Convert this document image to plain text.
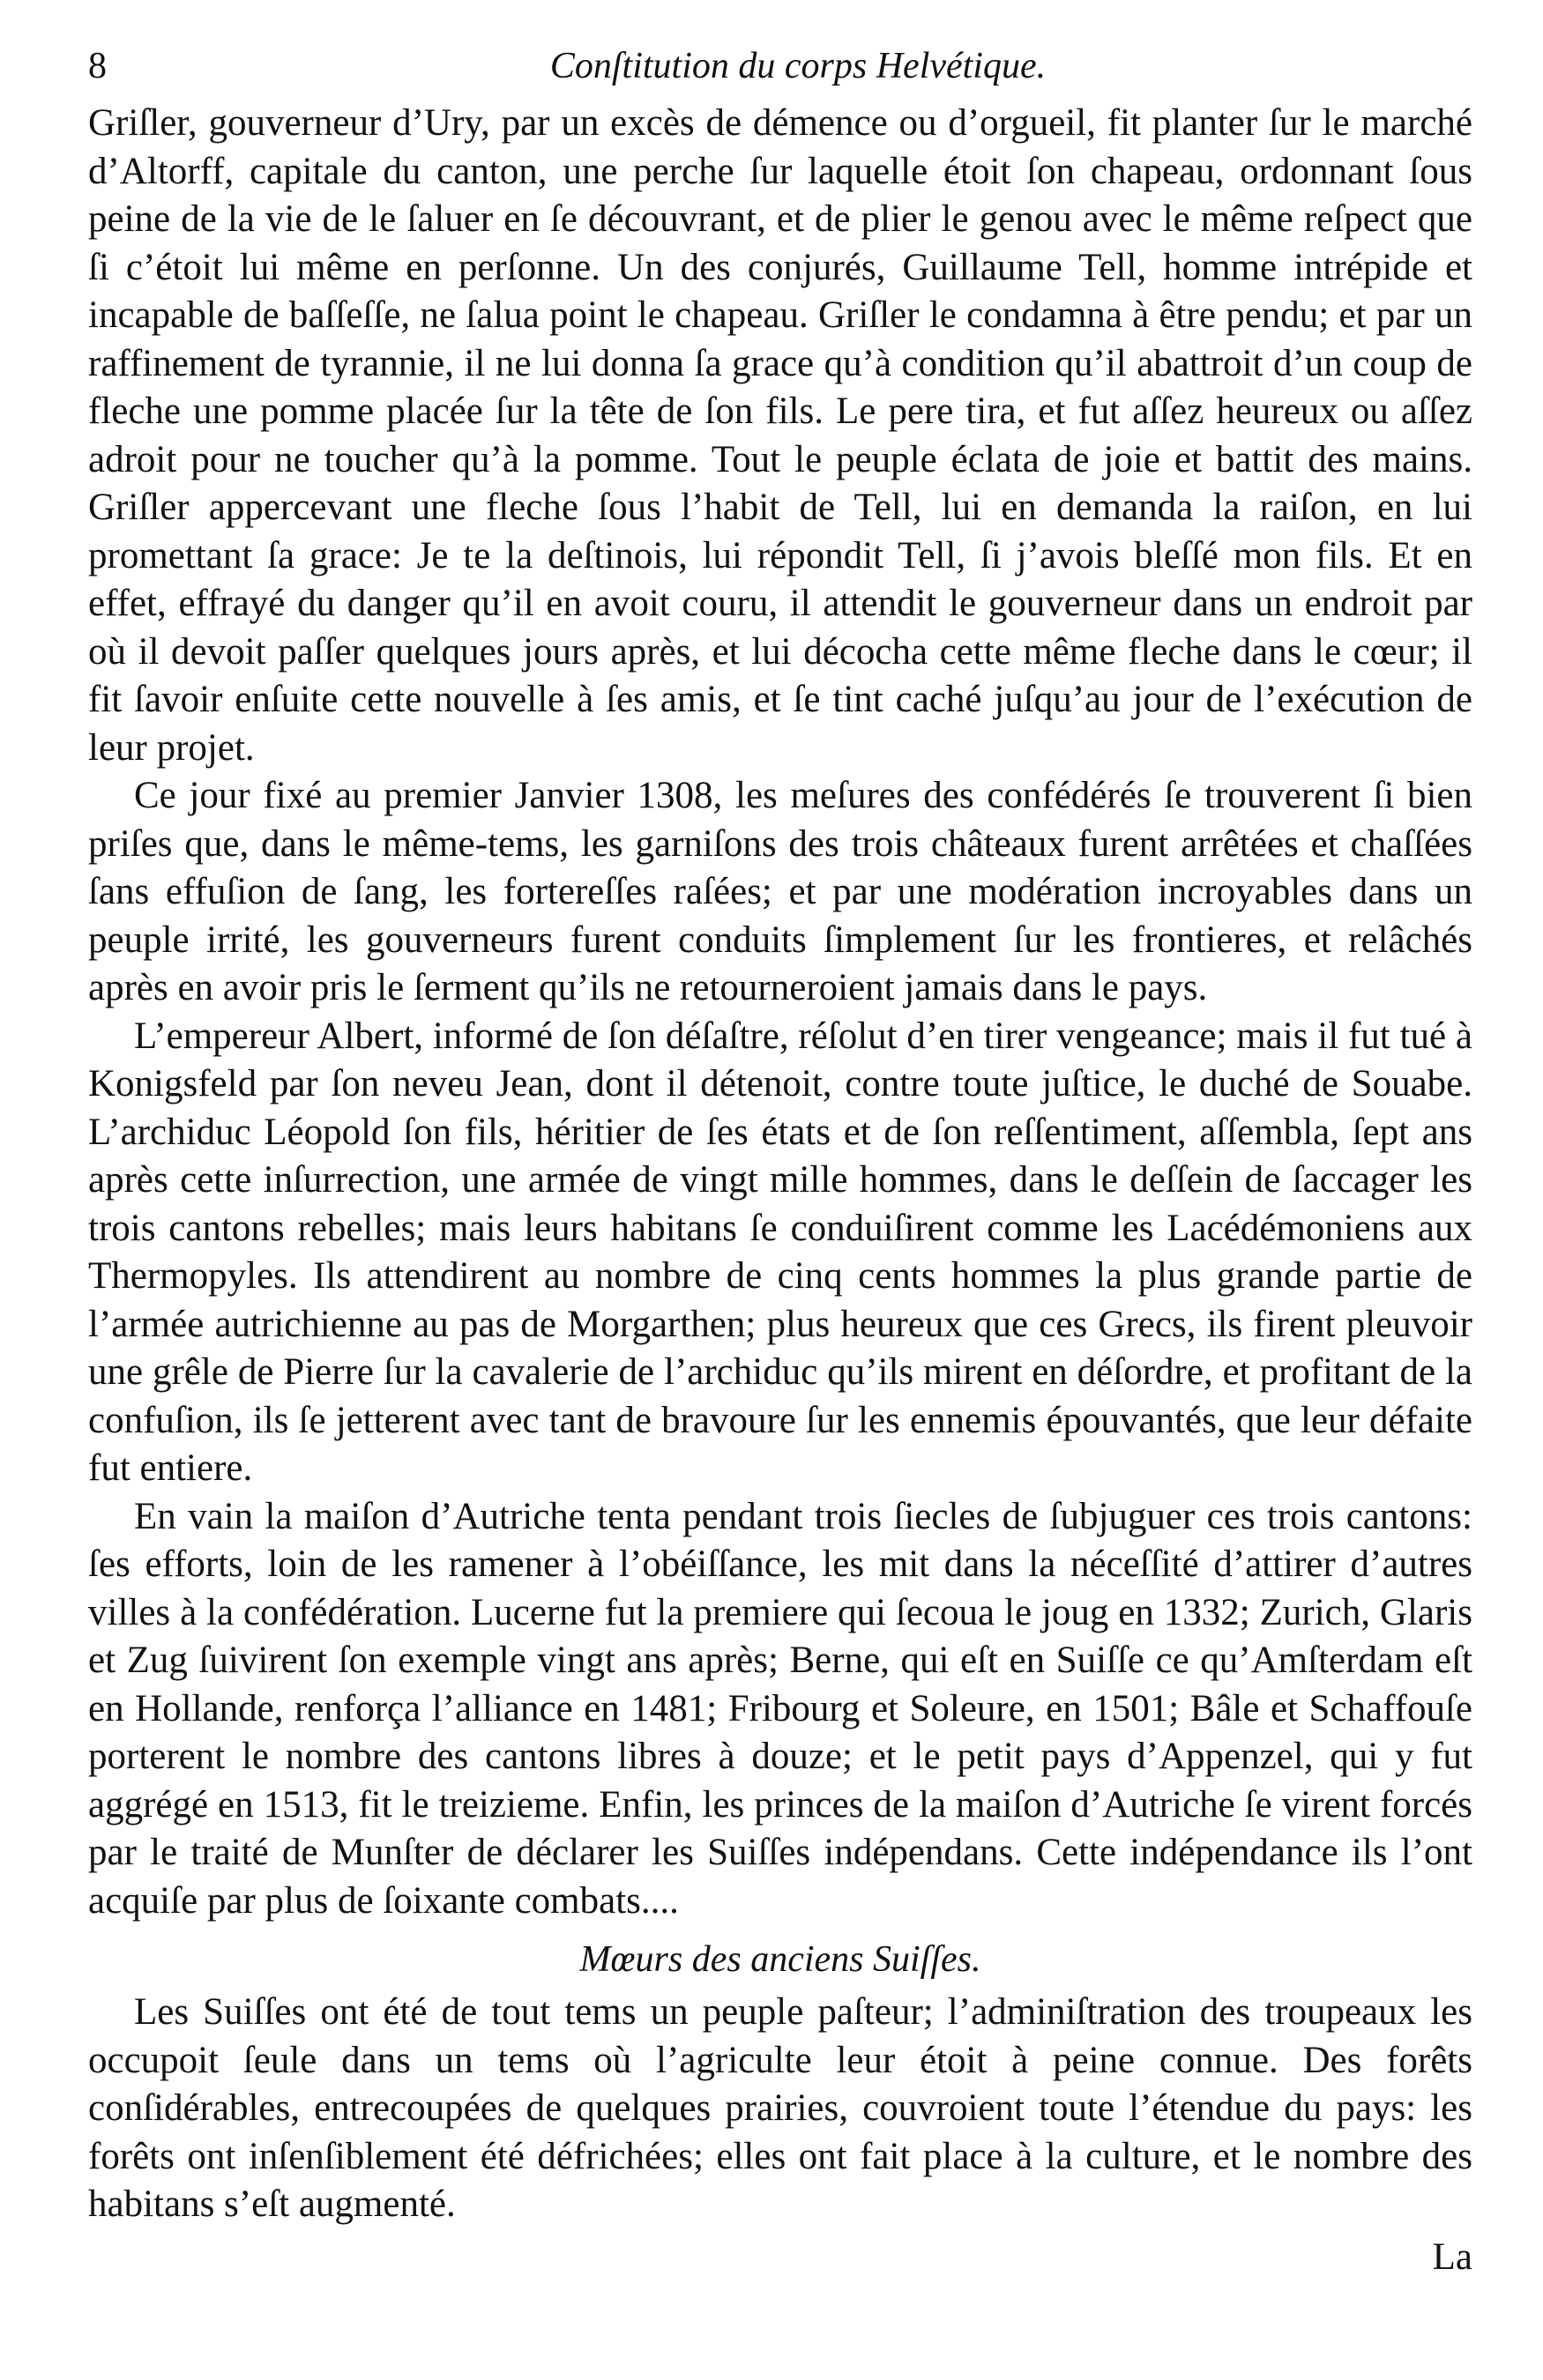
8	Conſtitution du corps Helvétique.

Griſler, gouverneur d’Ury, par un excès de démence ou d’orgueil, fit planter ſur le marché d’Altorff, capitale du canton, une perche ſur laquelle étoit ſon chapeau, ordonnant ſous peine de la vie de le ſaluer en ſe découvrant, et de plier le genou avec le même reſpect que ſi c’étoit lui même en perſonne. Un des conjurés, Guillaume Tell, homme intrépide et incapable de baſſeſſe, ne ſalua point le chapeau. Griſler le condamna à être pendu; et par un raffinement de tyrannie, il ne lui donna ſa grace qu’à condition qu’il abattroit d’un coup de fleche une pomme placée ſur la tête de ſon fils. Le pere tira, et fut aſſez heureux ou aſſez adroit pour ne toucher qu’à la pomme. Tout le peuple éclata de joie et battit des mains. Griſler appercevant une fleche ſous l’habit de Tell, lui en demanda la raiſon, en lui promettant ſa grace: Je te la deſtinois, lui répondit Tell, ſi j’avois bleſſé mon fils. Et en effet, effrayé du danger qu’il en avoit couru, il attendit le gouverneur dans un endroit par où il devoit paſſer quelques jours après, et lui décocha cette même fleche dans le cœur; il fit ſavoir enſuite cette nouvelle à ſes amis, et ſe tint caché juſqu’au jour de l’exécution de leur projet.

Ce jour fixé au premier Janvier 1308, les meſures des confédérés ſe trouverent ſi bien priſes que, dans le même-tems, les garniſons des trois châteaux furent arrêtées et chaſſées ſans effuſion de ſang, les fortereſſes raſées; et par une modération incroyables dans un peuple irrité, les gouverneurs furent conduits ſimplement ſur les frontieres, et relâchés après en avoir pris le ſerment qu’ils ne retourneroient jamais dans le pays.

L’empereur Albert, informé de ſon déſaſtre, réſolut d’en tirer vengeance; mais il fut tué à Konigsfeld par ſon neveu Jean, dont il détenoit, contre toute juſtice, le duché de Souabe. L’archiduc Léopold ſon fils, héritier de ſes états et de ſon reſſentiment, aſſembla, ſept ans après cette inſurrection, une armée de vingt mille hommes, dans le deſſein de ſaccager les trois cantons rebelles; mais leurs habitans ſe conduiſirent comme les Lacédémoniens aux Thermopyles. Ils attendirent au nombre de cinq cents hommes la plus grande partie de l’armée autrichienne au pas de Morgarthen; plus heureux que ces Grecs, ils firent pleuvoir une grêle de Pierre ſur la cavalerie de l’archiduc qu’ils mirent en déſordre, et profitant de la confuſion, ils ſe jetterent avec tant de bravoure ſur les ennemis épouvantés, que leur défaite fut entiere.

En vain la maiſon d’Autriche tenta pendant trois ſiecles de ſubjuguer ces trois cantons: ſes efforts, loin de les ramener à l’obéiſſance, les mit dans la néceſſité d’attirer d’autres villes à la confédération. Lucerne fut la premiere qui ſecoua le joug en 1332; Zurich, Glaris et Zug ſuivirent ſon exemple vingt ans après; Berne, qui eſt en Suiſſe ce qu’Amſterdam eſt en Hollande, renforça l’alliance en 1481; Fribourg et Soleure, en 1501; Bâle et Schaffouſe porterent le nombre des cantons libres à douze; et le petit pays d’Appenzel, qui y fut aggrégé en 1513, fit le treizieme. Enfin, les princes de la maiſon d’Autriche ſe virent forcés par le traité de Munſter de déclarer les Suiſſes indépendans. Cette indépendance ils l’ont acquiſe par plus de ſoixante combats....

Mœurs des anciens Suiſſes.

Les Suiſſes ont été de tout tems un peuple paſteur; l’adminiſtration des troupeaux les occupoit ſeule dans un tems où l’agriculte leur étoit à peine connue. Des forêts conſidérables, entrecoupées de quelques prairies, couvroient toute l’étendue du pays: les forêts ont inſenſiblement été défrichées; elles ont fait place à la culture, et le nombre des habitans s’eſt augmenté.

La
